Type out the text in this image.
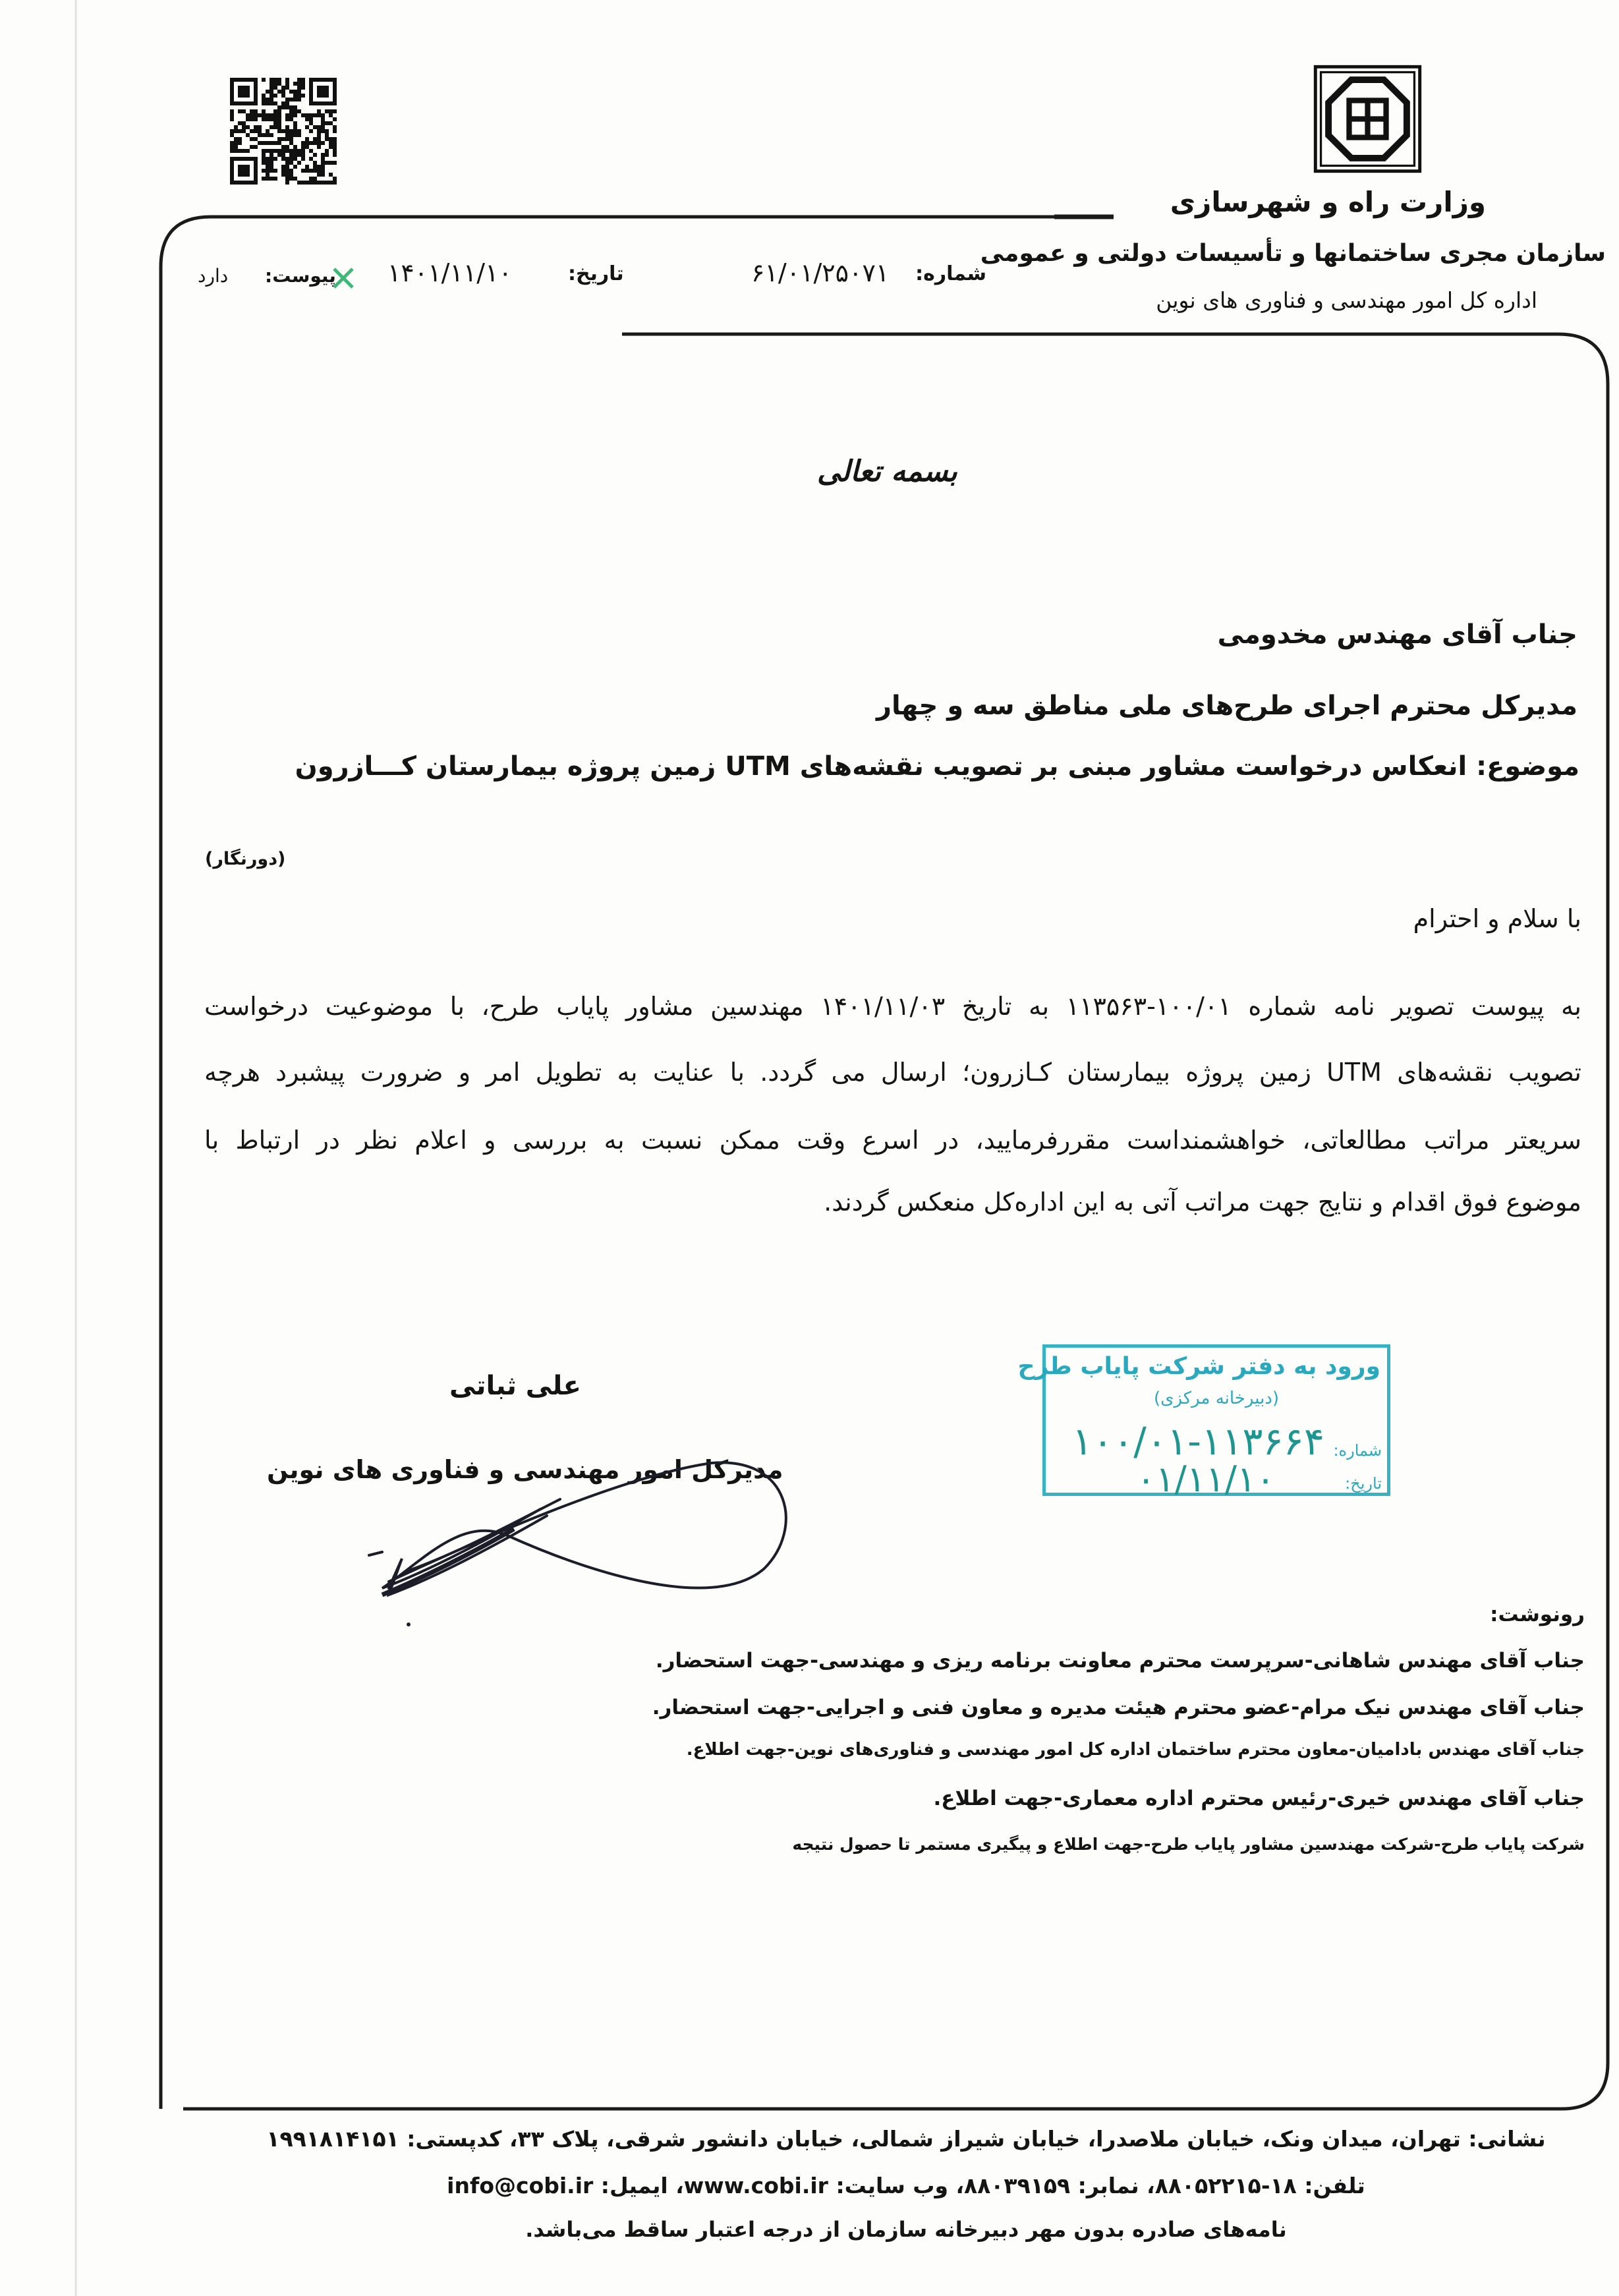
وزارت راه و شهرسازی
سازمان مجری ساختمانها و تأسیسات دولتی و عمومی
اداره کل امور مهندسی و فناوری های نوین
شماره:
۶۱/۰۱/۲۵۰۷۱
تاریخ:
۱۴۰۱/۱۱/۱۰
پیوست:
دارد
بسمه تعالی
جناب آقای مهندس مخدومی
مدیرکل محترم اجرای طرح‌های ملی مناطق سه و چهار
موضوع: انعکاس درخواست مشاور مبنی بر تصویب نقشه‌های UTM زمین پروژه بیمارستان کـــازرون
(دورنگار)
با سلام و احترام
به پیوست تصویر نامه شماره ۱۰۰/۰۱-۱۱۳۵۶۳ به تاریخ ۱۴۰۱/۱۱/۰۳ مهندسین مشاور پایاب طرح، با موضوعیت درخواست
تصویب نقشه‌های UTM زمین پروژه بیمارستان کـازرون؛ ارسال می گردد. با عنایت به تطویل امر و ضرورت پیشبرد هرچه
سریعتر مراتب مطالعاتی، خواهشمنداست مقررفرمایید، در اسرع وقت ممکن نسبت به بررسی و اعلام نظر در ارتباط با
موضوع فوق اقدام و نتایج جهت مراتب آتی به این اداره‌کل منعکس گردند.
ورود به دفتر شرکت پایاب طرح
(دبیرخانه مرکزی)
شماره:
۱۰۰/۰۱-۱۱۳۶۶۴
تاریخ:
۰۱/۱۱/۱۰
علی ثباتی
مدیرکل امور مهندسی و فناوری های نوین
رونوشت:
جناب آقای مهندس شاهانی-سرپرست محترم معاونت برنامه ریزی و مهندسی-جهت استحضار.
جناب آقای مهندس نیک مرام-عضو محترم هیئت مدیره و معاون فنی و اجرایی-جهت استحضار.
جناب آقای مهندس بادامیان-معاون محترم ساختمان اداره کل امور مهندسی و فناوری‌های نوین-جهت اطلاع.
جناب آقای مهندس خیری-رئیس محترم اداره معماری-جهت اطلاع.
شرکت پایاب طرح-شرکت مهندسین مشاور پایاب طرح-جهت اطلاع و پیگیری مستمر تا حصول نتیجه
نشانی: تهران، میدان ونک، خیابان ملاصدرا، خیابان شیراز شمالی، خیابان دانشور شرقی، پلاک ۳۳، کدپستی: ۱۹۹۱۸۱۴۱۵۱
تلفن: ۱۸-۸۸۰۵۲۲۱۵، نمابر: ۸۸۰۳۹۱۵۹، وب سایت: www.cobi.ir، ایمیل: info@cobi.ir
نامه‌های صادره بدون مهر دبیرخانه سازمان از درجه اعتبار ساقط می‌باشد.
